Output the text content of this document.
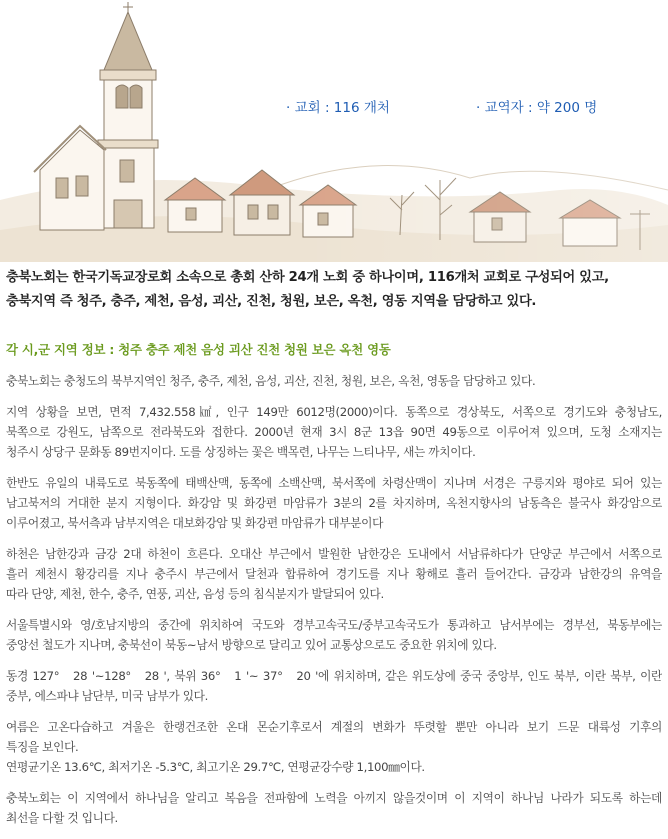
· 교회 : 116 개처	· 교역자 : 약 200 명

충북노회는 한국기독교장로회 소속으로 총회 산하 24개 노회 중 하나이며, 116개처 교회로 구성되어 있고,

충북지역 즉 청주, 충주, 제천, 음성, 괴산, 진천, 청원, 보은, 옥천, 영동 지역을 담당하고 있다.

각 시,군 지역 정보 : 청주 충주 제천 음성 괴산 진천 청원 보은 옥천 영동
충북노회는 충청도의 북부지역인 청주, 충주, 제천, 음성, 괴산, 진천, 청원, 보은, 옥천, 영동을 담당하고 있다.
지역 상황을 보면, 면적 7,432.558㎢, 인구 149만 6012명(2000)이다. 동쪽으로 경상북도, 서쪽으로 경기도와 충청남도,
북쪽으로 강원도, 남쪽으로 전라북도와 접한다. 2000년 현재 3시 8군 13읍 90면 49동으로 이루어져 있으며, 도청 소재지는
청주시 상당구 문화동 89번지이다. 도를 상징하는 꽃은 백목련, 나무는 느티나무, 새는 까치이다.
한반도 유일의 내륙도로 북동쪽에 태백산맥, 동쪽에 소백산맥, 북서쪽에 차령산맥이 지나며 서경은 구릉지와 평야로 되어 있는
남고북저의 거대한 분지 지형이다. 화강암 및 화강편 마암류가 3분의 2를 차지하며, 옥천지향사의 남동측은 불국사 화강암으로
이루어졌고, 북서측과 남부지역은 대보화강암 및 화강편 마암류가 대부분이다
하천은 남한강과 금강 2대 하천이 흐른다. 오대산 부근에서 발원한 남한강은 도내에서 서남류하다가 단양군 부근에서 서쪽으로
흘러 제천시 황강리를 지나 충주시 부근에서 달천과 합류하여 경기도를 지나 황해로 흘러 들어간다. 금강과 남한강의 유역을
따라 단양, 제천, 한수, 충주, 연풍, 괴산, 음성 등의 침식분지가 발달되어 있다.
서울특별시와 영/호남지방의 중간에 위치하여 국도와 경부고속국도/중부고속국도가 통과하고 남서부에는 경부선, 북동부에는
중앙선 철도가 지나며, 충북선이 북동~남서 방향으로 달리고 있어 교통상으로도 중요한 위치에 있다.
동경 127°　28 '~128°　28 ', 북위 36°　1 '~ 37°　20 '에 위치하며, 같은 위도상에 중국 중앙부, 인도 북부, 이란 북부, 이란
중부, 에스파냐 남단부, 미국 남부가 있다.
여름은 고온다습하고 겨울은 한랭건조한 온대 몬순기후로서 계절의 변화가 뚜렷할 뿐만 아니라 보기 드문 대륙성 기후의
특징을 보인다.
연평균기온 13.6℃, 최저기온 -5.3℃, 최고기온 29.7℃, 연평균강수량 1,100㎜이다.
충북노회는 이 지역에서 하나님을 알리고 복음을 전파함에 노력을 아끼지 않을것이며 이 지역이 하나님 나라가 되도록 하는데
최선을 다할 것 입니다.
